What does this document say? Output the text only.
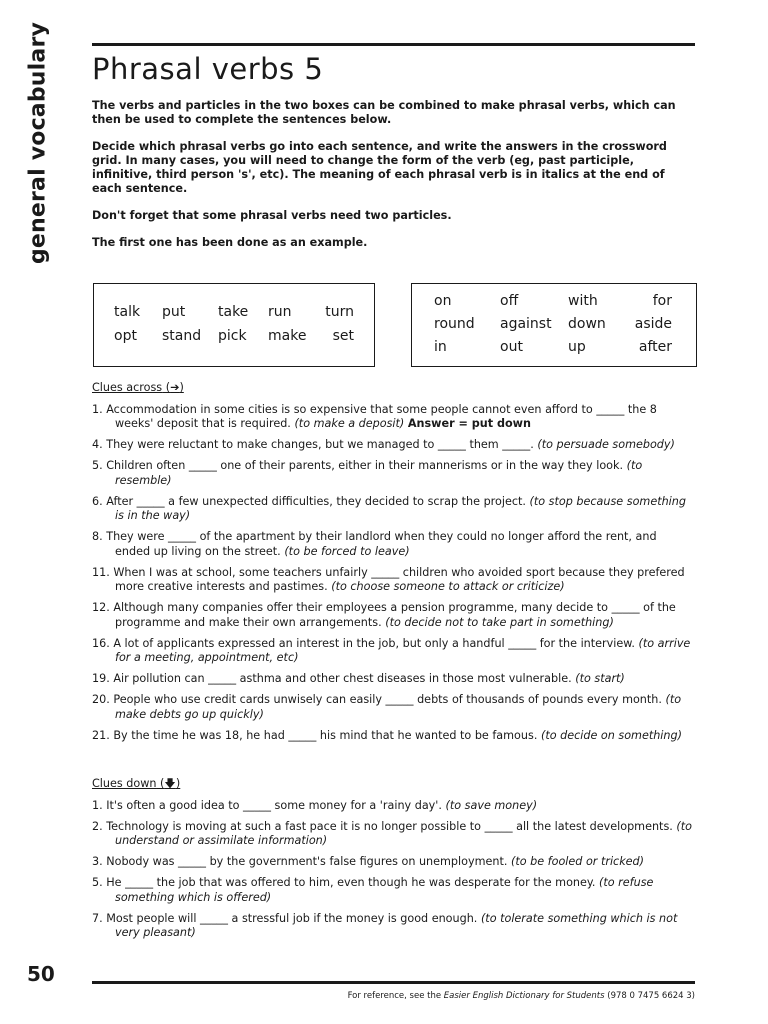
general vocabulary Phrasal verbs 5

The verbs and particles in the two boxes can be combined to make phrasal verbs, which can then be used to complete the sentences below.

Decide which phrasal verbs go into each sentence, and write the answers in the crossword grid. In many cases, you will need to change the form of the verb (eg, past participle, infinitive, third person 's', etc). The meaning of each phrasal verb is in italics at the end of each sentence.

Don't forget that some phrasal verbs need two particles.

The first one has been done as an example.

talk	put	take	run	turn
opt	stand	pick	make	set
on	off	with	for
round	against	down	aside
in	out	up	after
Clues across (➔)
1. Accommodation in some cities is so expensive that some people cannot even afford to _____ the 8 weeks' deposit that is required. (to make a deposit) Answer = put down
4. They were reluctant to make changes, but we managed to _____ them _____. (to persuade somebody)
5. Children often _____ one of their parents, either in their mannerisms or in the way they look. (to resemble)
6. After _____ a few unexpected difficulties, they decided to scrap the project. (to stop because something is in the way)
8. They were _____ of the apartment by their landlord when they could no longer afford the rent, and ended up living on the street. (to be forced to leave)
11. When I was at school, some teachers unfairly _____ children who avoided sport because they prefered more creative interests and pastimes. (to choose someone to attack or criticize)
12. Although many companies offer their employees a pension programme, many decide to _____ of the programme and make their own arrangements. (to decide not to take part in something)
16. A lot of applicants expressed an interest in the job, but only a handful _____ for the interview. (to arrive for a meeting, appointment, etc)
19. Air pollution can _____ asthma and other chest diseases in those most vulnerable. (to start)
20. People who use credit cards unwisely can easily _____ debts of thousands of pounds every month. (to make debts go up quickly)
21. By the time he was 18, he had _____ his mind that he wanted to be famous. (to decide on something)
Clues down (🡇)
1. It's often a good idea to _____ some money for a 'rainy day'. (to save money)
2. Technology is moving at such a fast pace it is no longer possible to _____ all the latest developments. (to understand or assimilate information)
3. Nobody was _____ by the government's false figures on unemployment. (to be fooled or tricked)
5. He _____ the job that was offered to him, even though he was desperate for the money. (to refuse something which is offered)
7. Most people will _____ a stressful job if the money is good enough. (to tolerate something which is not very pleasant)
50
For reference, see the Easier English Dictionary for Students (978 0 7475 6624 3)
